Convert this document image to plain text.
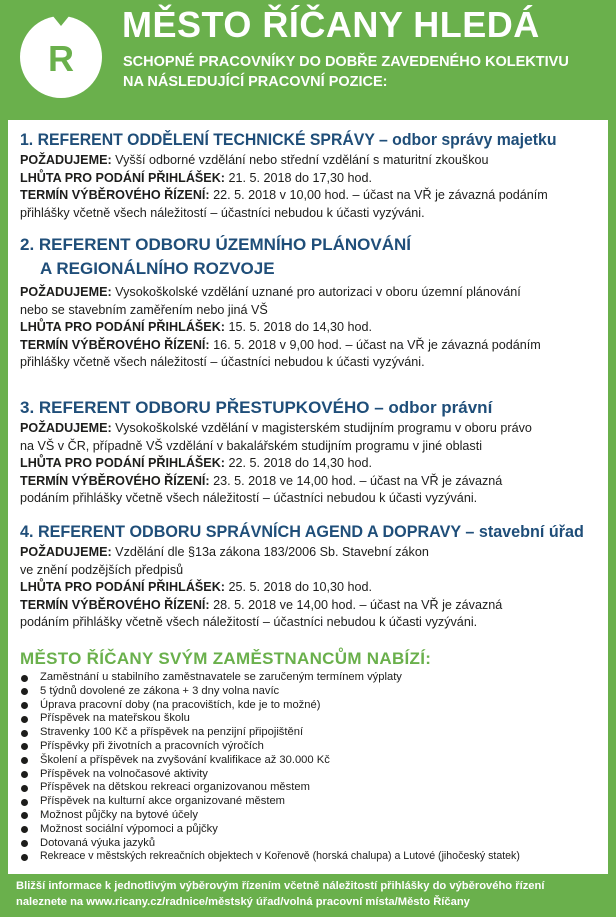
R
MĚSTO ŘÍČANY HLEDÁ
SCHOPNÉ PRACOVNÍKY DO DOBŘE ZAVEDENÉHO KOLEKTIVU
NA NÁSLEDUJÍCÍ PRACOVNÍ POZICE:
1. REFERENT ODDĚLENÍ TECHNICKÉ SPRÁVY – odbor správy majetku
POŽADUJEME: Vyšší odborné vzdělání nebo střední vzdělání s maturitní zkouškou
LHŮTA PRO PODÁNÍ PŘIHLÁŠEK: 21. 5. 2018 do 17,30 hod.
TERMÍN VÝBĚROVÉHO ŘÍZENÍ: 22. 5. 2018 v 10,00 hod. – účast na VŘ je závazná podáním
přihlášky včetně všech náležitostí – účastníci nebudou k účasti vyzýváni.
2. REFERENT ODBORU ÚZEMNÍHO PLÁNOVÁNÍ
A REGIONÁLNÍHO ROZVOJE
POŽADUJEME: Vysokoškolské vzdělání uznané pro autorizaci v oboru územní plánování
nebo se stavebním zaměřením nebo jiná VŠ
LHŮTA PRO PODÁNÍ PŘIHLÁŠEK: 15. 5. 2018 do 14,30 hod.
TERMÍN VÝBĚROVÉHO ŘÍZENÍ: 16. 5. 2018 v 9,00 hod. – účast na VŘ je závazná podáním
přihlášky včetně všech náležitostí – účastníci nebudou k účasti vyzýváni.
3. REFERENT ODBORU PŘESTUPKOVÉHO – odbor právní
POŽADUJEME: Vysokoškolské vzdělání v magisterském studijním programu v oboru právo
na VŠ v ČR, případně VŠ vzdělání v bakalářském studijním programu v jiné oblasti
LHŮTA PRO PODÁNÍ PŘIHLÁŠEK: 22. 5. 2018 do 14,30 hod.
TERMÍN VÝBĚROVÉHO ŘÍZENÍ: 23. 5. 2018 ve 14,00 hod. – účast na VŘ je závazná
podáním přihlášky včetně všech náležitostí – účastníci nebudou k účasti vyzýváni.
4. REFERENT ODBORU SPRÁVNÍCH AGEND A DOPRAVY – stavební úřad
POŽADUJEME: Vzdělání dle §13a zákona 183/2006 Sb. Stavební zákon
ve znění podzějších předpisů
LHŮTA PRO PODÁNÍ PŘIHLÁŠEK: 25. 5. 2018 do 10,30 hod.
TERMÍN VÝBĚROVÉHO ŘÍZENÍ: 28. 5. 2018 ve 14,00 hod. – účast na VŘ je závazná
podáním přihlášky včetně všech náležitostí – účastníci nebudou k účasti vyzýváni.
MĚSTO ŘÍČANY SVÝM ZAMĚSTNANCŮM NABÍZÍ:
Zaměstnání u stabilního zaměstnavatele se zaručeným termínem výplaty
5 týdnů dovolené ze zákona + 3 dny volna navíc
Úprava pracovní doby (na pracovištích, kde je to možné)
Příspěvek na mateřskou školu
Stravenky 100 Kč a příspěvek na penzijní připojištění
Příspěvky při životních a pracovních výročích
Školení a příspěvek na zvyšování kvalifikace až 30.000 Kč
Příspěvek na volnočasové aktivity
Příspěvek na dětskou rekreaci organizovanou městem
Příspěvek na kulturní akce organizované městem
Možnost půjčky na bytové účely
Možnost sociální výpomoci a půjčky
Dotovaná výuka jazyků
Rekreace v městských rekreačních objektech v Kořenově (horská chalupa) a Lutové (jihočeský statek)
Bližší informace k jednotlivým výběrovým řízením včetně náležitostí přihlášky do výběrového řízení
naleznete na www.ricany.cz/radnice/městský úřad/volná pracovní místa/Město Říčany
